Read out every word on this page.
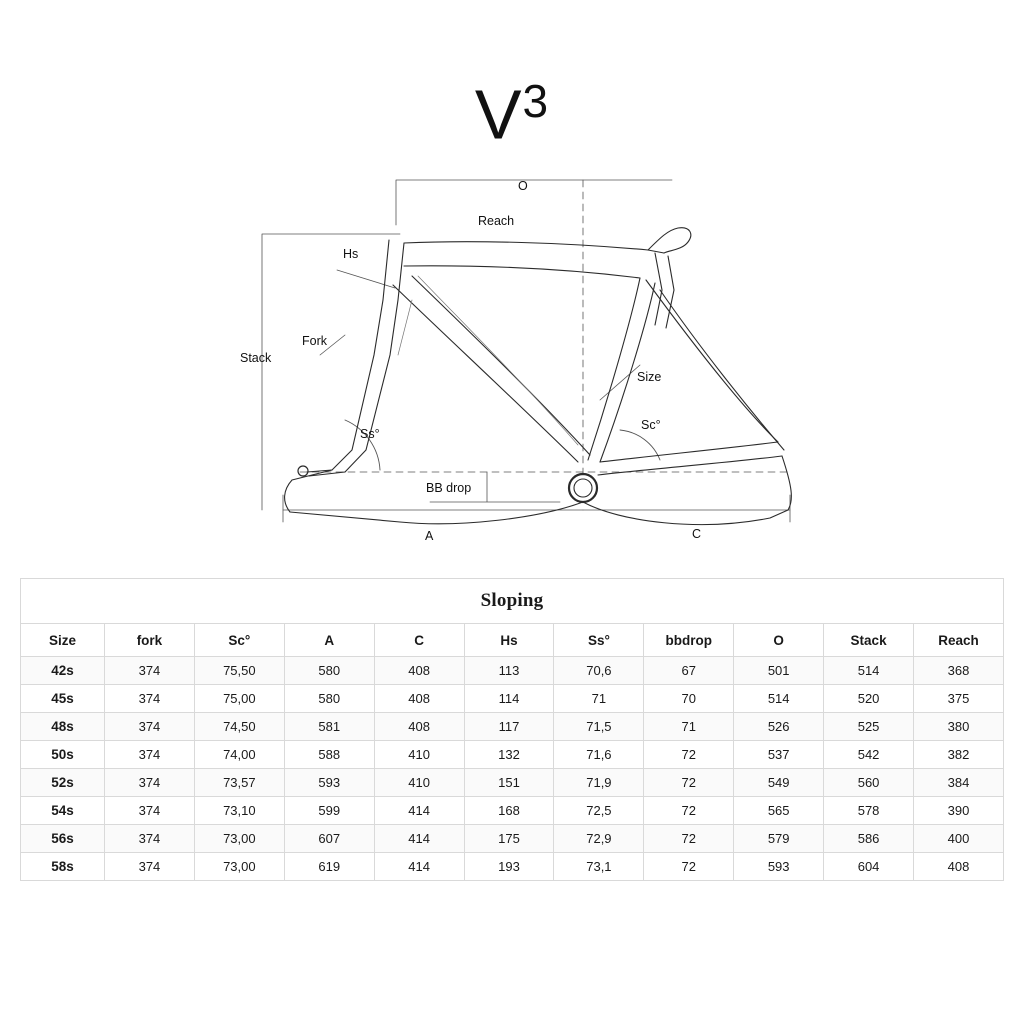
$V^3$
O
Reach
Hs
Fork
Stack
Size
Ss°
Sc°
BB drop
A	C
Sloping										
Size	fork	Sc°	A	C	Hs	Ss°	bbdrop	O	Stack	Reach
42s	374	75,50	580	408	113	70,6	67	501	514	368
45s	374	75,00	580	408	114	71	70	514	520	375
48s	374	74,50	581	408	117	71,5	71	526	525	380
50s	374	74,00	588	410	132	71,6	72	537	542	382
52s	374	73,57	593	410	151	71,9	72	549	560	384
54s	374	73,10	599	414	168	72,5	72	565	578	390
56s	374	73,00	607	414	175	72,9	72	579	586	400
58s	374	73,00	619	414	193	73,1	72	593	604	408
